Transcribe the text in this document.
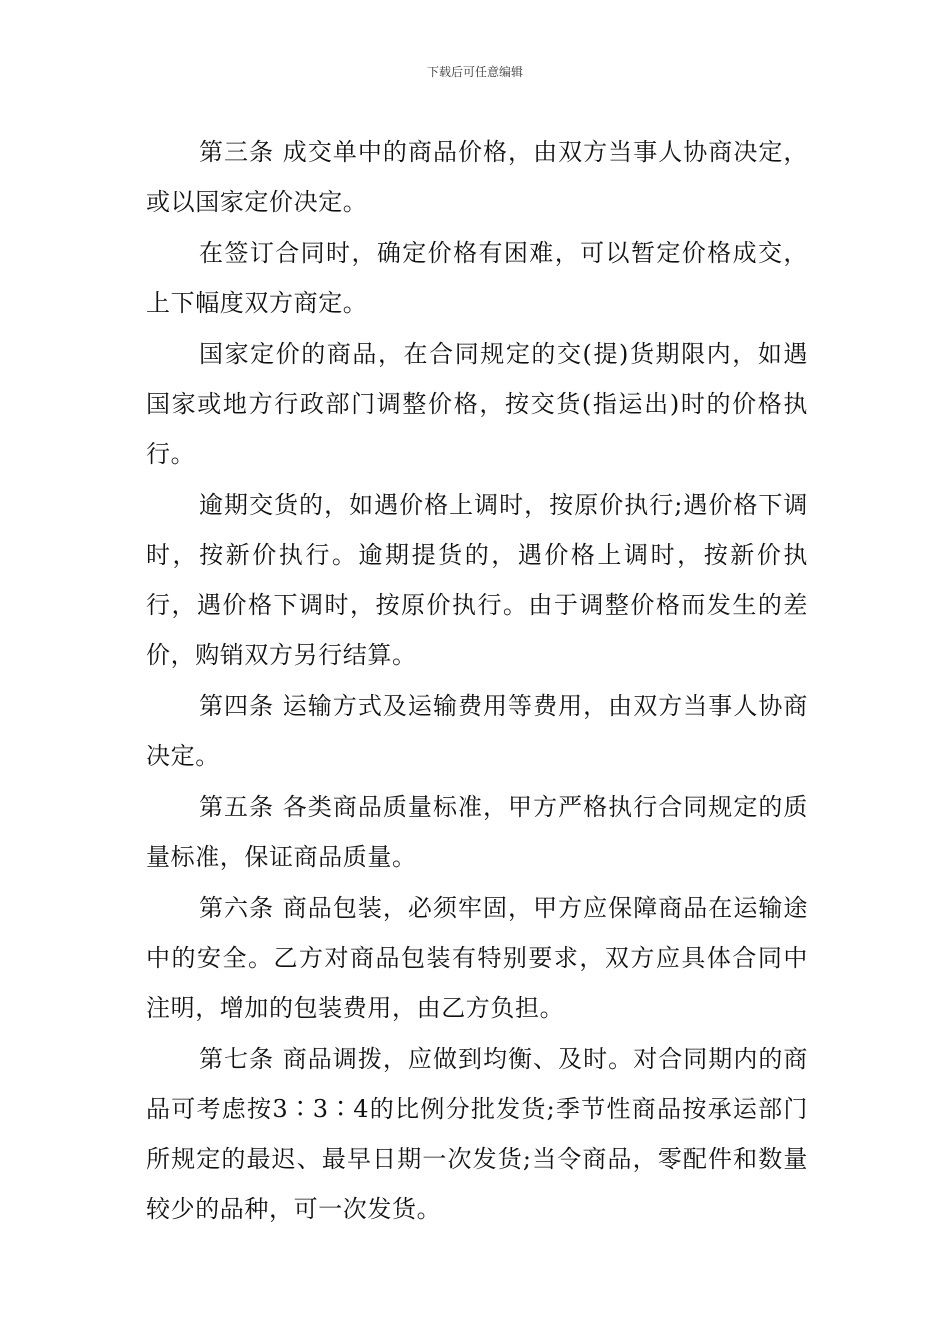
下载后可任意编辑

第三条 成交单中的商品价格，由双方当事人协商决定，或以国家定价决定。

在签订合同时，确定价格有困难，可以暂定价格成交，上下幅度双方商定。

国家定价的商品，在合同规定的交(提)货期限内，如遇国家或地方行政部门调整价格，按交货(指运出)时的价格执行。

逾期交货的，如遇价格上调时，按原价执行;遇价格下调时，按新价执行。逾期提货的，遇价格上调时，按新价执行，遇价格下调时，按原价执行。由于调整价格而发生的差价，购销双方另行结算。

第四条 运输方式及运输费用等费用，由双方当事人协商决定。

第五条 各类商品质量标准，甲方严格执行合同规定的质量标准，保证商品质量。

第六条 商品包装，必须牢固，甲方应保障商品在运输途中的安全。乙方对商品包装有特别要求，双方应具体合同中注明，增加的包装费用，由乙方负担。

第七条 商品调拨，应做到均衡、及时。对合同期内的商品可考虑按3∶3∶4的比例分批发货;季节性商品按承运部门所规定的最迟、最早日期一次发货;当令商品，零配件和数量较少的品种，可一次发货。
